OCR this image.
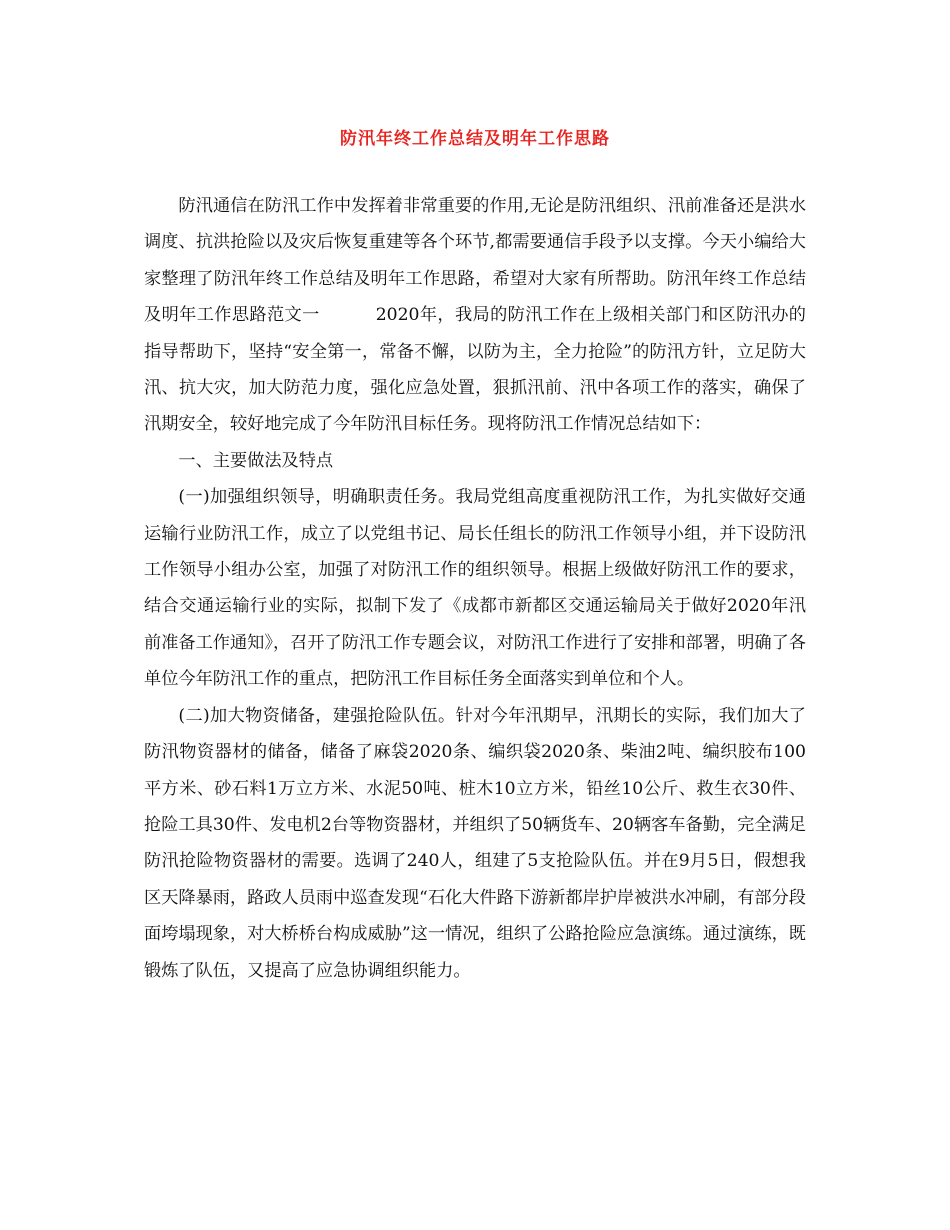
防汛年终工作总结及明年工作思路

防汛通信在防汛工作中发挥着非常重要的作用,无论是防汛组织、汛前准备还是洪水调度、抗洪抢险以及灾后恢复重建等各个环节,都需要通信手段予以支撑。今天小编给大家整理了防汛年终工作总结及明年工作思路，希望对大家有所帮助。防汛年终工作总结及明年工作思路范文一	2020年，我局的防汛工作在上级相关部门和区防汛办的指导帮助下，坚持“安全第一，常备不懈，以防为主，全力抢险”的防汛方针，立足防大汛、抗大灾，加大防范力度，强化应急处置，狠抓汛前、汛中各项工作的落实，确保了汛期安全，较好地完成了今年防汛目标任务。现将防汛工作情况总结如下：

一、主要做法及特点

(一)加强组织领导，明确职责任务。我局党组高度重视防汛工作，为扎实做好交通运输行业防汛工作，成立了以党组书记、局长任组长的防汛工作领导小组，并下设防汛工作领导小组办公室，加强了对防汛工作的组织领导。根据上级做好防汛工作的要求，结合交通运输行业的实际，拟制下发了《成都市新都区交通运输局关于做好2020年汛前准备工作通知》，召开了防汛工作专题会议，对防汛工作进行了安排和部署，明确了各单位今年防汛工作的重点，把防汛工作目标任务全面落实到单位和个人。

(二)加大物资储备，建强抢险队伍。针对今年汛期早，汛期长的实际，我们加大了防汛物资器材的储备，储备了麻袋2020条、编织袋2020条、柴油2吨、编织胶布100平方米、砂石料1万立方米、水泥50吨、桩木10立方米，铅丝10公斤、救生衣30件、抢险工具30件、发电机2台等物资器材，并组织了50辆货车、20辆客车备勤，完全满足防汛抢险物资器材的需要。选调了240人，组建了5支抢险队伍。并在9月5日，假想我区天降暴雨，路政人员雨中巡查发现“石化大件路下游新都岸护岸被洪水冲刷，有部分段面垮塌现象，对大桥桥台构成威胁”这一情况，组织了公路抢险应急演练。通过演练，既锻炼了队伍，又提高了应急协调组织能力。
